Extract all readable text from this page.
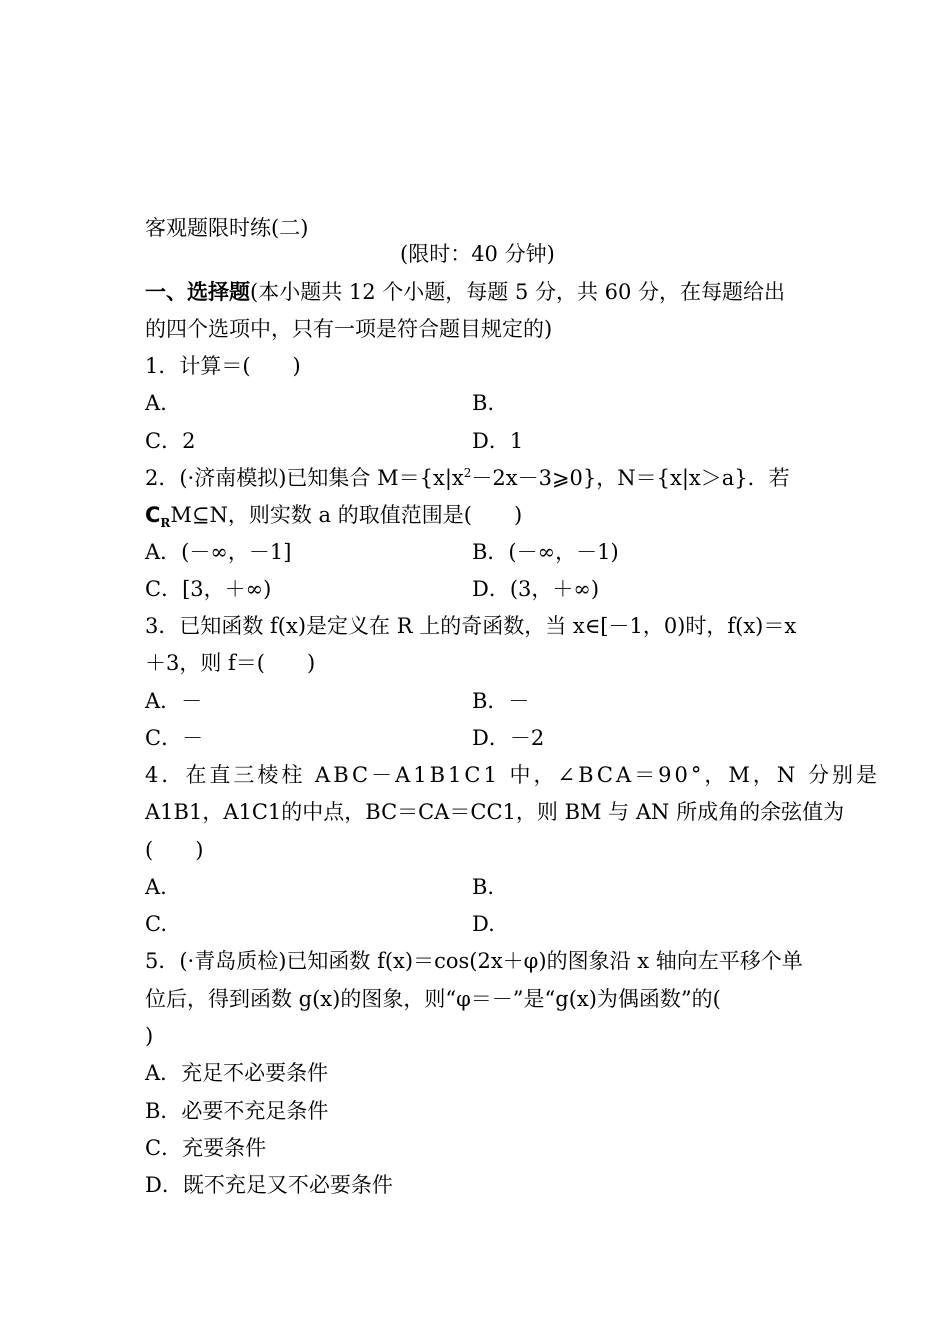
客观题限时练(二)
(限时：40 分钟)
一、选择题(本小题共 12 个小题，每题 5 分，共 60 分，在每题给出
的四个选项中，只有一项是符合题目规定的)
1．计算＝(　　)
A.	B.
C．2	D．1
2．(·济南模拟)已知集合 $M=\{x|x^2-2x-3⩾0\}$，N＝{x|x＞a}．若
$C_RM⊆N$，则实数 a 的取值范围是(　　)
A．(－∞，－1]	B．(－∞，－1)
C．[3，＋∞)	D．(3，＋∞)
3．已知函数 f(x)是定义在 R 上的奇函数，当 x∈[－1，0)时，f(x)＝x
＋3，则 f＝(　　)
A．－	B．－
C．－	D．－2
4．在直三棱柱 ABC－A1B1C1 中，∠BCA＝90°，M，N 分别是
A1B1，A1C1的中点，BC＝CA＝CC1，则 BM 与 AN 所成角的余弦值为
(　　)
A.	B.
C.	D.
5．(·青岛质检)已知函数 f(x)＝cos(2x＋φ)的图象沿 x 轴向左平移个单
位后，得到函数 g(x)的图象，则“φ＝－”是“g(x)为偶函数”的(
)
A．充足不必要条件
B．必要不充足条件
C．充要条件
D．既不充足又不必要条件
